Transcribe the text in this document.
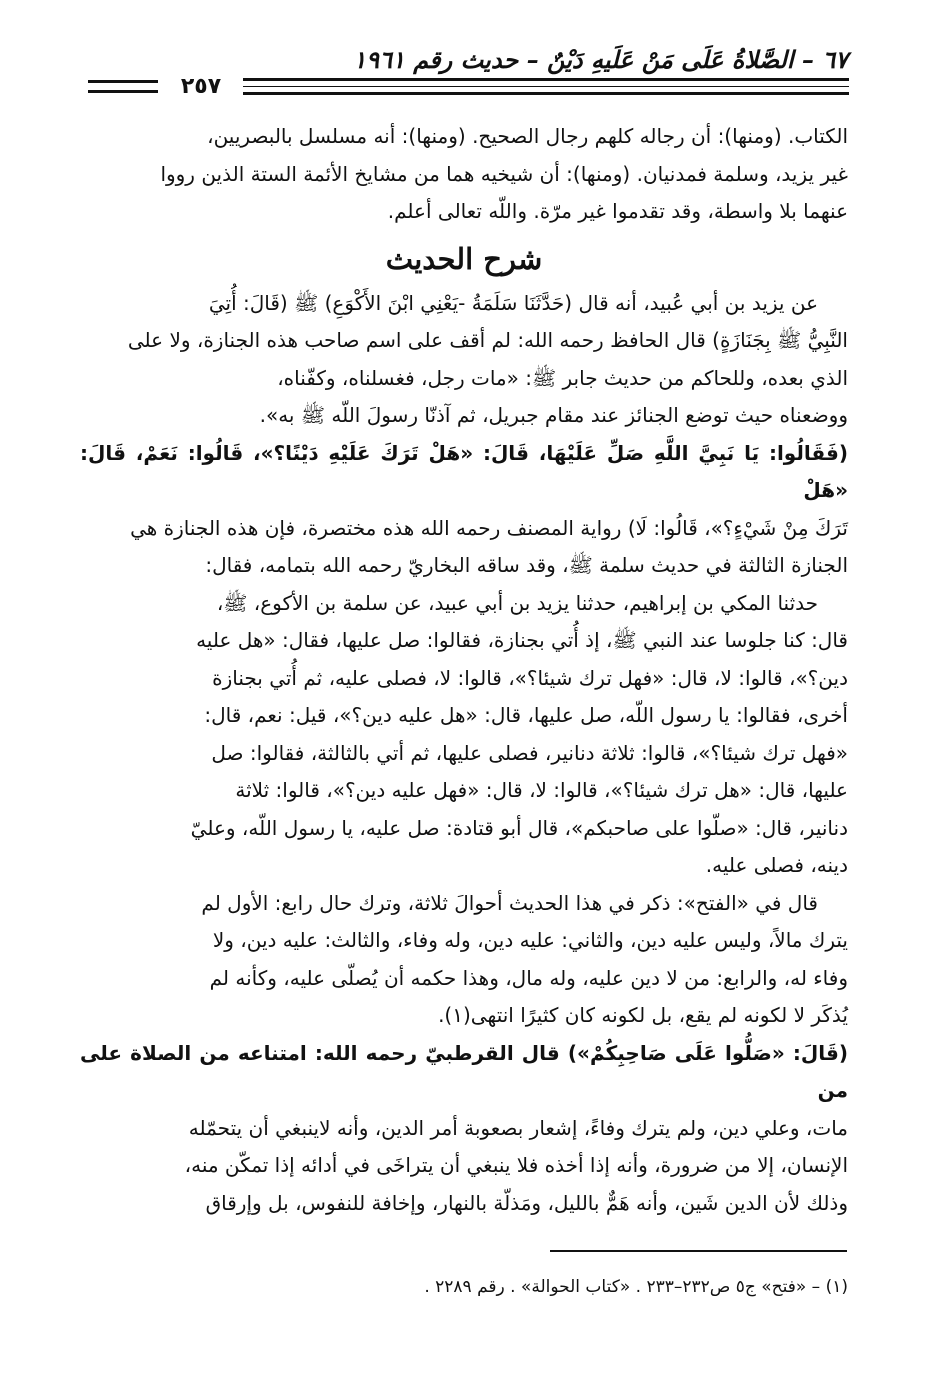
٦٧ – الصَّلاةُ عَلَى مَنْ عَلَيهِ دَيْنٌ – حديث رقم ١٩٦١
٢٥٧

الكتاب. (ومنها): أن رجاله كلهم رجال الصحيح. (ومنها): أنه مسلسل بالبصريين،
غير يزيد، وسلمة فمدنيان. (ومنها): أن شيخيه هما من مشايخ الأئمة الستة الذين رووا
عنهما بلا واسطة، وقد تقدموا غير مرّة. واللّه تعالى أعلم.

شرح الحديث

عن يزيد بن أبي عُبيد، أنه قال (حَدَّثَنَا سَلَمَةُ -يَعْنِي ابْنَ الأَكْوَعِ) ﷺ (قَالَ: أُتِيَ
النَّبِيُّ ﷺ بِجَنَازَةٍ) قال الحافظ رحمه الله: لم أقف على اسم صاحب هذه الجنازة، ولا على
الذي بعده، وللحاكم من حديث جابر ﷺ: «مات رجل، فغسلناه، وكفّناه،
ووضعناه حيث توضع الجنائز عند مقام جبريل، ثم آذنّا رسولَ اللّه ﷺ به».

(فَقَالُوا: يَا نَبِيَّ اللَّهِ صَلِّ عَلَيْهَا، قَالَ: «هَلْ تَرَكَ عَلَيْهِ دَيْنًا؟»، قَالُوا: نَعَمْ، قَالَ: «هَلْ
تَرَكَ مِنْ شَيْءٍ؟»، قَالُوا: لَا) رواية المصنف رحمه الله هذه مختصرة، فإن هذه الجنازة هي
الجنازة الثالثة في حديث سلمة ﷺ، وقد ساقه البخاريّ رحمه الله بتمامه، فقال:

حدثنا المكي بن إبراهيم، حدثنا يزيد بن أبي عبيد، عن سلمة بن الأكوع، ﷺ،
قال: كنا جلوسا عند النبي ﷺ، إذ أُتي بجنازة، فقالوا: صل عليها، فقال: «هل عليه
دين؟»، قالوا: لا، قال: «فهل ترك شيئا؟»، قالوا: لا، فصلى عليه، ثم أُتي بجنازة
أخرى، فقالوا: يا رسول اللّه، صل عليها، قال: «هل عليه دين؟»، قيل: نعم، قال:
«فهل ترك شيئا؟»، قالوا: ثلاثة دنانير، فصلى عليها، ثم أتي بالثالثة، فقالوا: صل
عليها، قال: «هل ترك شيئا؟»، قالوا: لا، قال: «فهل عليه دين؟»، قالوا: ثلاثة
دنانير، قال: «صلّوا على صاحبكم»، قال أبو قتادة: صل عليه، يا رسول اللّه، وعليّ
دينه، فصلى عليه.

قال في «الفتح»: ذكر في هذا الحديث أحوالَ ثلاثة، وترك حال رابع: الأول لم
يترك مالاً، وليس عليه دين، والثاني: عليه دين، وله وفاء، والثالث: عليه دين، ولا
وفاء له، والرابع: من لا دين عليه، وله مال، وهذا حكمه أن يُصلّى عليه، وكأنه لم
يُذكَر لا لكونه لم يقع، بل لكونه كان كثيرًا انتهى(١).

(قَالَ: «صَلُّوا عَلَى صَاحِبِكُمْ») قال القرطبيّ رحمه الله: امتناعه من الصلاة على من
مات، وعلي دين، ولم يترك وفاءً، إشعار بصعوبة أمر الدين، وأنه لاينبغي أن يتحمّله
الإنسان، إلا من ضرورة، وأنه إذا أخذه فلا ينبغي أن يتراخَى في أدائه إذا تمكّن منه،
وذلك لأن الدين شَين، وأنه هَمٌّ بالليل، ومَذلّة بالنهار، وإخافة للنفوس، بل وإرقاق

(١) – «فتح» ج٥ ص٢٣٢–٢٣٣ . «كتاب الحوالة» . رقم ٢٢٨٩ .
